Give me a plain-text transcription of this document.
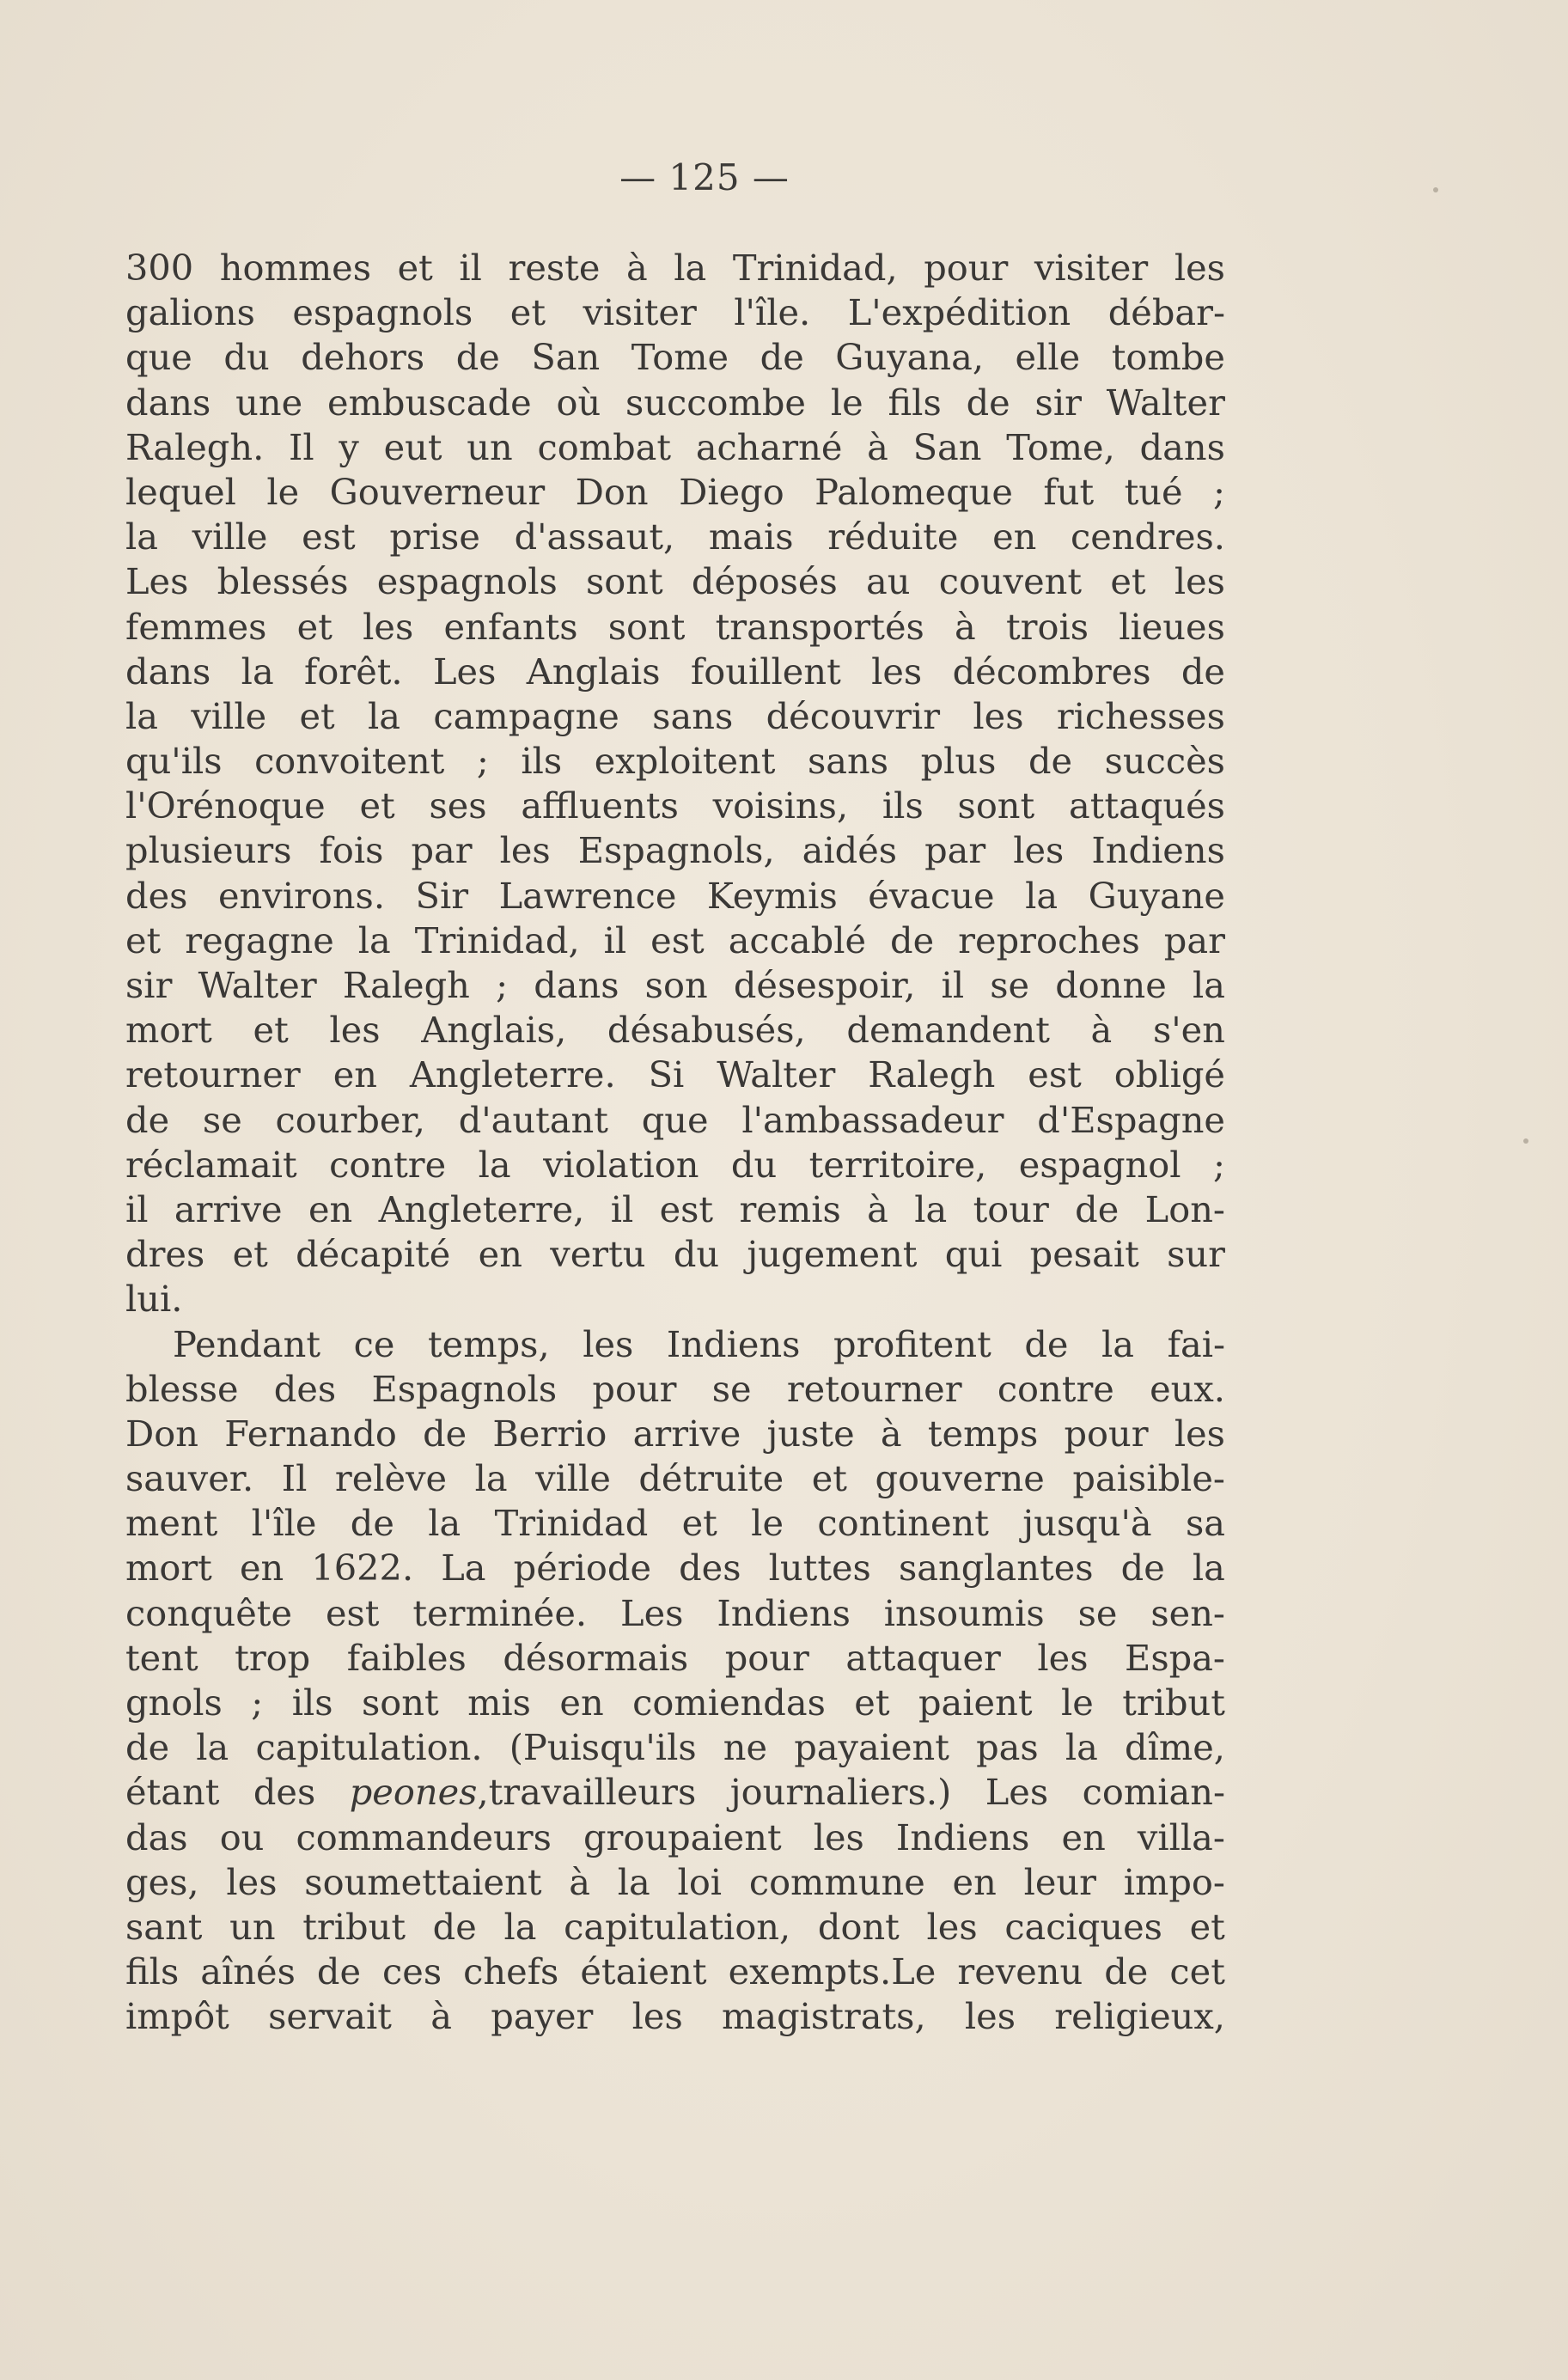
— 125 —
300 hommes et il reste à la Trinidad, pour visiter les
galions espagnols et visiter l'île. L'expédition débar-
que du dehors de San Tome de Guyana, elle tombe
dans une embuscade où succombe le fils de sir Walter
Ralegh. Il y eut un combat acharné à San Tome, dans
lequel le Gouverneur Don Diego Palomeque fut tué ;
la ville est prise d'assaut, mais réduite en cendres.
Les blessés espagnols sont déposés au couvent et les
femmes et les enfants sont transportés à trois lieues
dans la forêt. Les Anglais fouillent les décombres de
la ville et la campagne sans découvrir les richesses
qu'ils convoitent ; ils exploitent sans plus de succès
l'Orénoque et ses affluents voisins, ils sont attaqués
plusieurs fois par les Espagnols, aidés par les Indiens
des environs. Sir Lawrence Keymis évacue la Guyane
et regagne la Trinidad, il est accablé de reproches par
sir Walter Ralegh ; dans son désespoir, il se donne la
mort et les Anglais, désabusés, demandent à s'en
retourner en Angleterre. Si Walter Ralegh est obligé
de se courber, d'autant que l'ambassadeur d'Espagne
réclamait contre la violation du territoire, espagnol ;
il arrive en Angleterre, il est remis à la tour de Lon-
dres et décapité en vertu du jugement qui pesait sur
lui.
Pendant ce temps, les Indiens profitent de la fai-
blesse des Espagnols pour se retourner contre eux.
Don Fernando de Berrio arrive juste à temps pour les
sauver. Il relève la ville détruite et gouverne paisible-
ment l'île de la Trinidad et le continent jusqu'à sa
mort en 1622. La période des luttes sanglantes de la
conquête est terminée. Les Indiens insoumis se sen-
tent trop faibles désormais pour attaquer les Espa-
gnols ; ils sont mis en comiendas et paient le tribut
de la capitulation. (Puisqu'ils ne payaient pas la dîme,
étant des peones,travailleurs journaliers.) Les comian-
das ou commandeurs groupaient les Indiens en villa-
ges, les soumettaient à la loi commune en leur impo-
sant un tribut de la capitulation, dont les caciques et
fils aînés de ces chefs étaient exempts.Le revenu de cet
impôt servait à payer les magistrats, les religieux,
